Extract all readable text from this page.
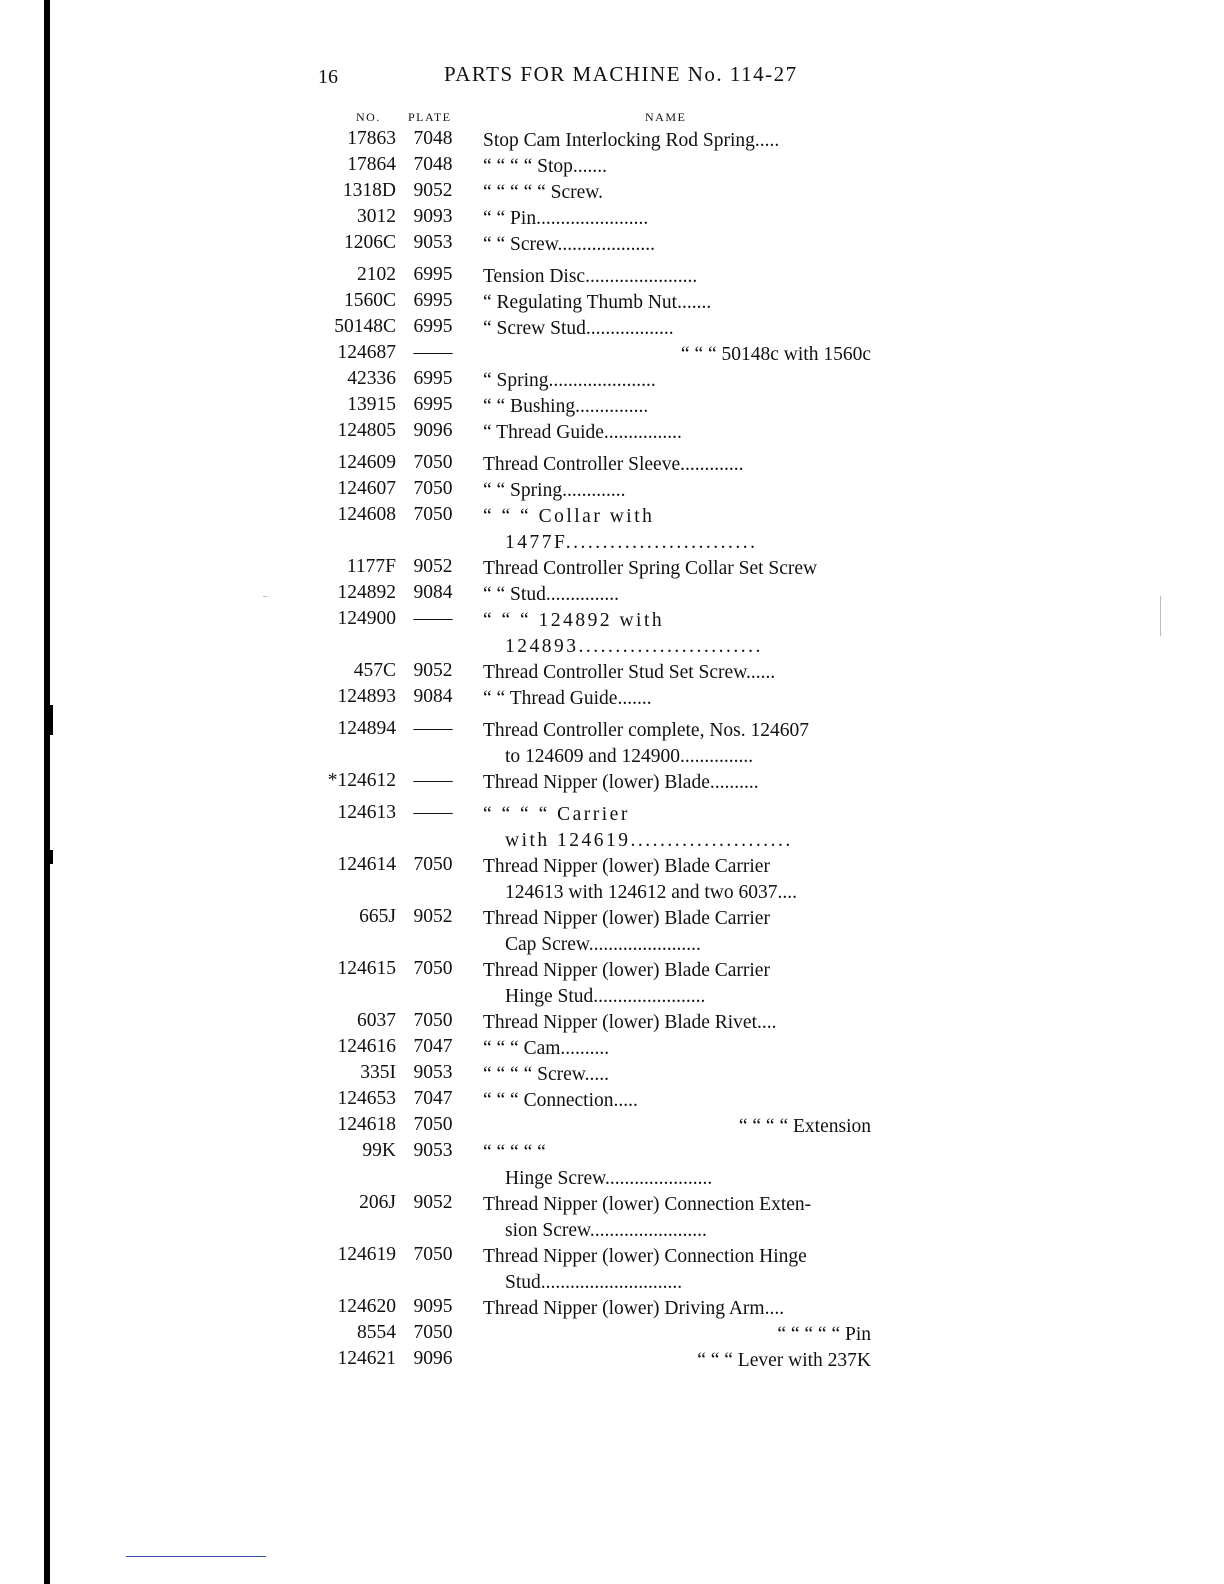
16	PARTS FOR MACHINE No. 114-27
NO. PLATE	NAME
17863 7048	Stop Cam Interlocking Rod Spring.....
17864 7048	“ “ “ “ Stop.......
1318D 9052	“ “ “ “ “ Screw.
3012 9093	“ “ Pin.......................
1206C 9053	“ “ Screw....................
2102 6995	Tension Disc.......................
1560C 6995	“ Regulating Thumb Nut.......
50148C 6995	“ Screw Stud..................
124687 ——	“ “ “ 50148c with 1560c
42336 6995	“ Spring......................
13915 6995	“ “ Bushing...............
124805 9096	“ Thread Guide................
124609 7050	Thread Controller Sleeve.............
124607 7050	“ “ Spring.............
124608 7050	“ “ “ Collar with
1477F..........................
1177F 9052	Thread Controller Spring Collar Set Screw
124892 9084	“ “ Stud...............
124900 ——	“ “ “ 124892 with
124893.........................
457C 9052	Thread Controller Stud Set Screw......
124893 9084	“ “ Thread Guide.......
124894 ——	Thread Controller complete, Nos. 124607
to 124609 and 124900...............
*124612 ——	Thread Nipper (lower) Blade..........
124613 ——	“ “ “ “ Carrier
with 124619......................
124614 7050	Thread Nipper (lower) Blade Carrier
124613 with 124612 and two 6037....
665J 9052	Thread Nipper (lower) Blade Carrier
Cap Screw.......................
124615 7050	Thread Nipper (lower) Blade Carrier
Hinge Stud.......................
6037 7050	Thread Nipper (lower) Blade Rivet....
124616 7047	“ “ “ Cam..........
335I 9053	“ “ “ “ Screw.....
124653 7047	“ “ “ Connection.....
124618 7050	“ “ “ “ Extension
99K 9053	“ “ “ “ “
Hinge Screw......................
206J 9052	Thread Nipper (lower) Connection Exten-
sion Screw........................
124619 7050	Thread Nipper (lower) Connection Hinge
Stud.............................
124620 9095	Thread Nipper (lower) Driving Arm....
8554 7050	“ “ “ “ “ Pin
124621 9096	“ “ “ Lever with 237K
